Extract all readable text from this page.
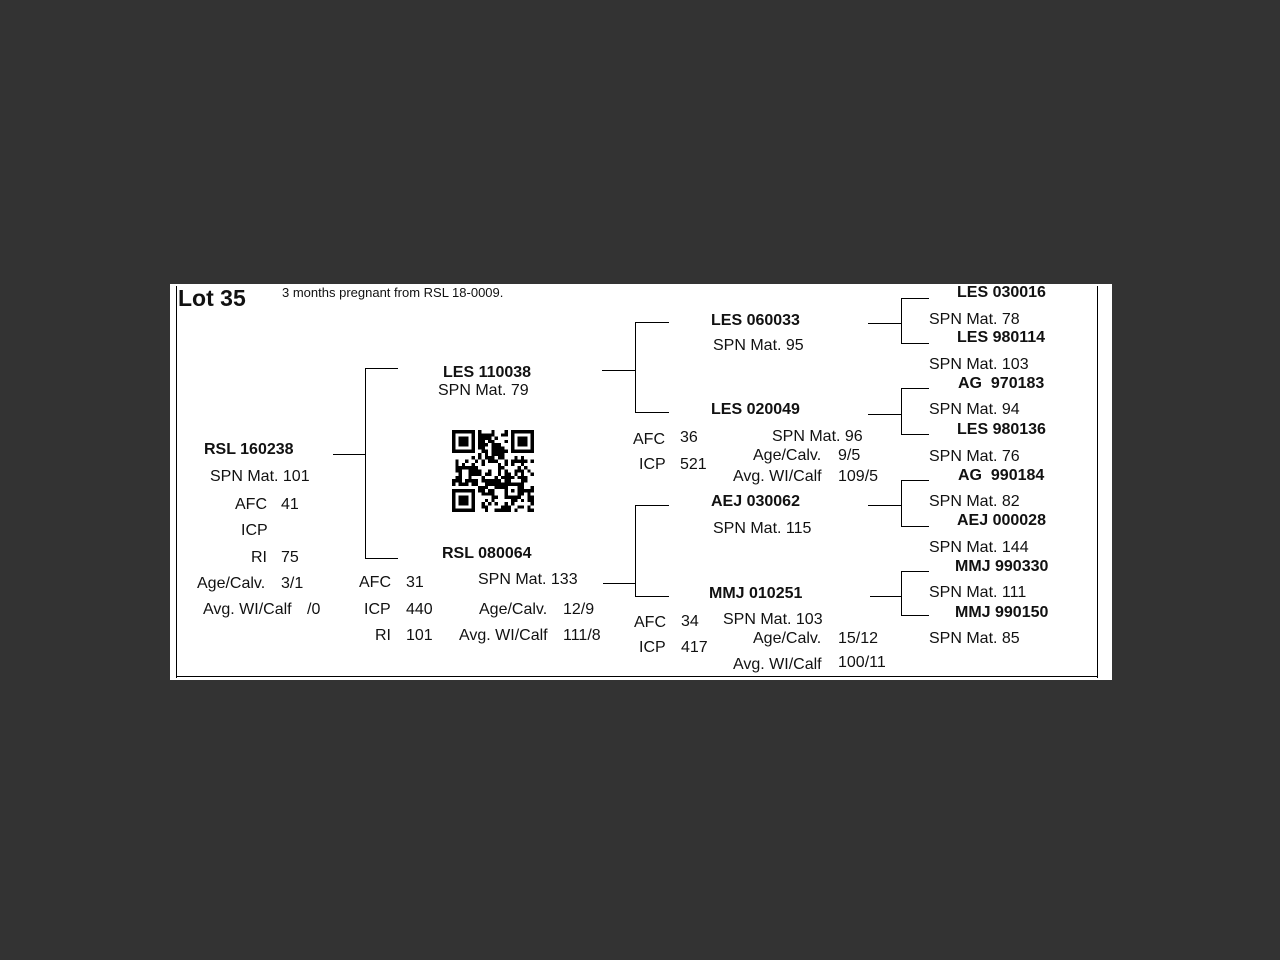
Lot 35	3 months pregnant from RSL 18-0009.
RSL 160238
SPN Mat. 101
AFC 41
ICP
RI 75
Age/Calv. 3/1
Avg. WI/Calf /0
LES 110038
SPN Mat. 79
RSL 080064
SPN Mat. 133
AFC 31
ICP 440	Age/Calv. 12/9
RI 101 Avg. WI/Calf 111/8
LES 060033
SPN Mat. 95
LES 020049
SPN Mat. 96
AFC 36
Age/Calv. 9/5
ICP 521
Avg. WI/Calf 109/5
AEJ 030062
SPN Mat. 115
MMJ 010251
SPN Mat. 103
AFC 34
Age/Calv. 15/12
ICP 417
Avg. WI/Calf 100/11
LES 030016
SPN Mat. 78
LES 980114
SPN Mat. 103
AG  970183
SPN Mat. 94
LES 980136
SPN Mat. 76
AG  990184
SPN Mat. 82
AEJ 000028
SPN Mat. 144
MMJ 990330
SPN Mat. 111
MMJ 990150
SPN Mat. 85
